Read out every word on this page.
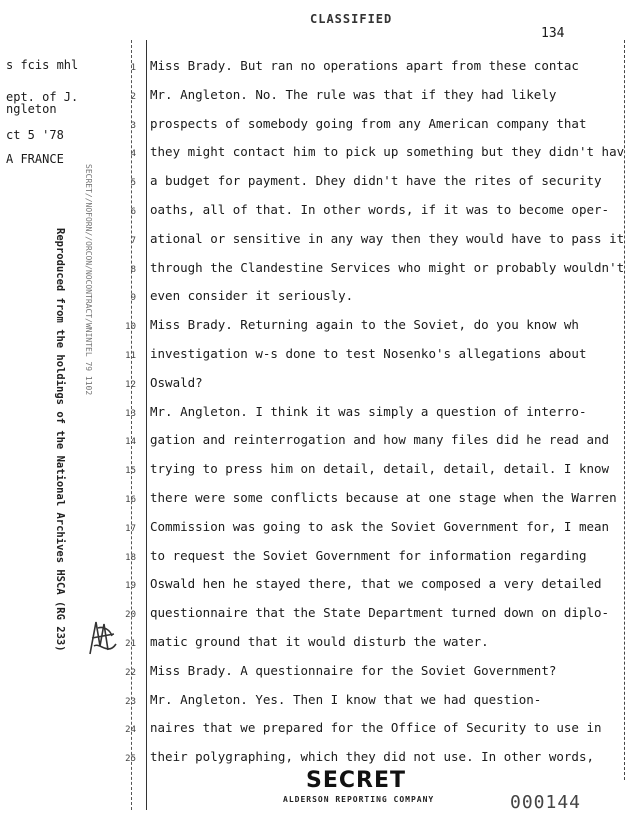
CLASSIFIED
134
s fcis mhl
ept. of J.
ngleton
ct 5 '78
A FRANCE
Reproduced from the holdings of the National Archives HSCA (RG 233) SECRET//NOFORN//ORCON/NOCONTRACT/WNINTEL 79 1102
1
2
3
4
5
6
7
8
9
10
11
12
13
14
15
16
17
18
19
20
21
22
23
24
25
Miss Brady. But ran no operations apart from these contac
Mr. Angleton. No. The rule was that if they had likely
prospects of somebody going from any American company that
they might contact him to pick up something but they didn't hav
a budget for payment. Dhey didn't have the rites of security
oaths, all of that. In other words, if it was to become oper-
ational or sensitive in any way then they would have to pass it
through the Clandestine Services who might or probably wouldn't
even consider it seriously.
Miss Brady. Returning again to the Soviet, do you know wh
investigation w-s done to test Nosenko's allegations about
Oswald?
Mr. Angleton. I think it was simply a question of interro-
gation and reinterrogation and how many files did he read and
trying to press him on detail, detail, detail, detail. I know
there were some conflicts because at one stage when the Warren
Commission was going to ask the Soviet Government for, I mean
to request the Soviet Government for information regarding
Oswald hen he stayed there, that we composed a very detailed
questionnaire that the State Department turned down on diplo-
matic ground that it would disturb the water.
Miss Brady. A questionnaire for the Soviet Government?
Mr. Angleton. Yes. Then I know that we had question-
naires that we prepared for the Office of Security to use in
their polygraphing, which they did not use. In other words,
SECRET
ALDERSON REPORTING COMPANY	000144
